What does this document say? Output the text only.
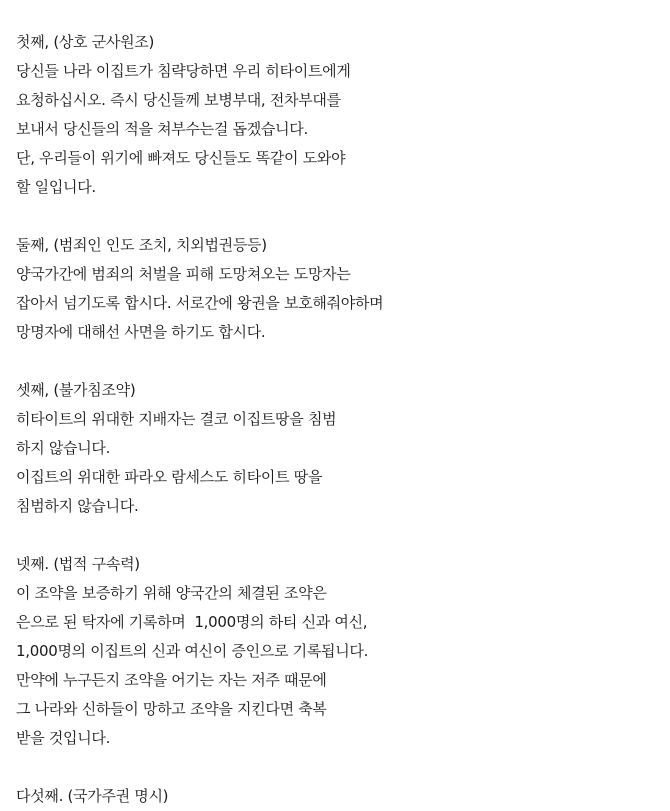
첫째, (상호 군사원조)
당신들 나라 이집트가 침략당하면 우리 히타이트에게
요청하십시오. 즉시 당신들께 보병부대, 전차부대를
보내서 당신들의 적을 쳐부수는걸 돕겠습니다.
단, 우리들이 위기에 빠져도 당신들도 똑같이 도와야
할 일입니다.
둘째, (범죄인 인도 조치, 치외법권등등)
양국가간에 범죄의 처벌을 피해 도망쳐오는 도망자는
잡아서 넘기도록 합시다. 서로간에 왕권을 보호해줘야하며
망명자에 대해선 사면을 하기도 합시다.
셋째, (불가침조약)
히타이트의 위대한 지배자는 결코 이집트땅을 침범
하지 않습니다.
이집트의 위대한 파라오 람세스도 히타이트 땅을
침범하지 않습니다.
넷째. (법적 구속력)
이 조약을 보증하기 위해 양국간의 체결된 조약은
은으로 된 탁자에 기록하며  1,000명의 하티 신과 여신,
1,000명의 이집트의 신과 여신이 증인으로 기록됩니다.
만약에 누구든지 조약을 어기는 자는 저주 때문에
그 나라와 신하들이 망하고 조약을 지킨다면 축복
받을 것입니다.
다섯째. (국가주권 명시)
